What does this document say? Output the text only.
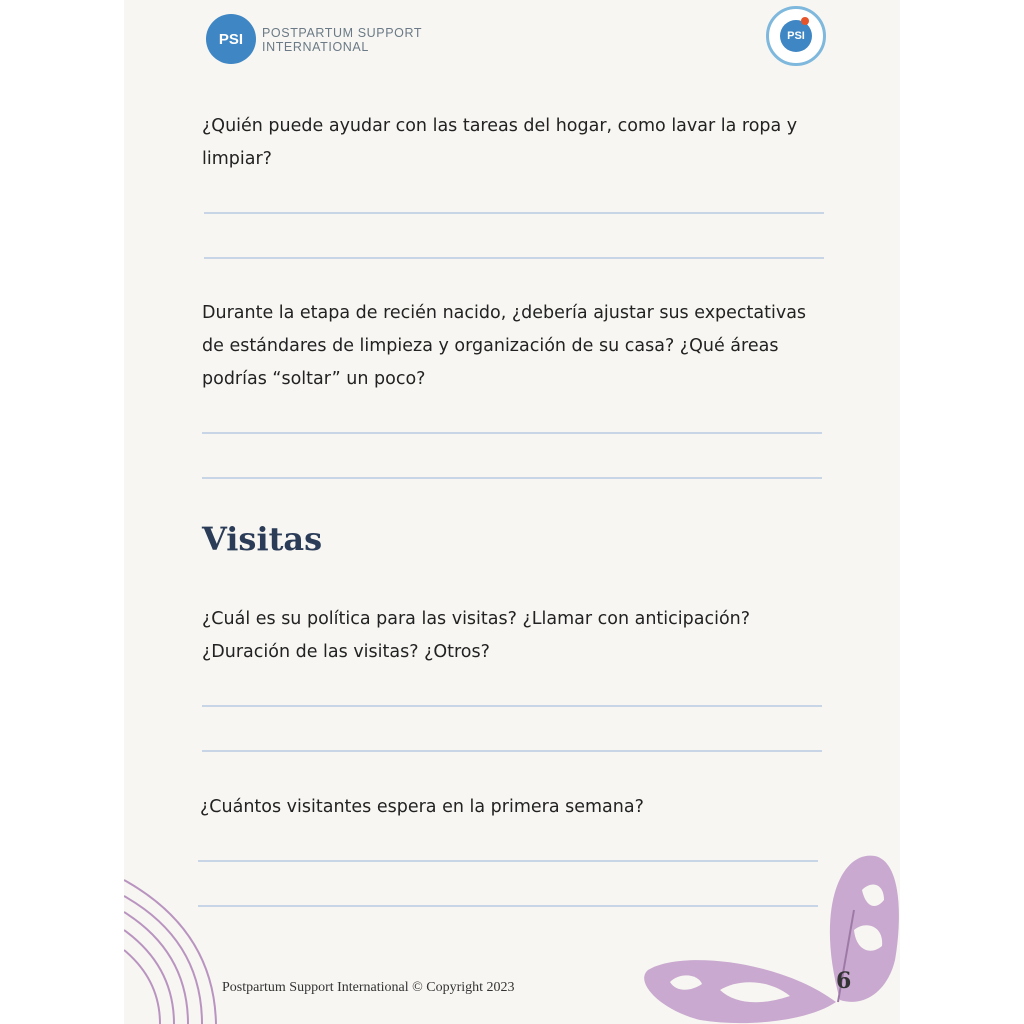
PSI	POSTPARTUM SUPPORT
INTERNATIONAL
PSI
¿Quién puede ayudar con las tareas del hogar, como lavar la ropa y limpiar?
Durante la etapa de recién nacido, ¿debería ajustar sus expectativas de estándares de limpieza y organización de su casa? ¿Qué áreas podrías “soltar” un poco?
Visitas
¿Cuál es su política para las visitas? ¿Llamar con anticipación? ¿Duración de las visitas? ¿Otros?
¿Cuántos visitantes espera en la primera semana?
Postpartum Support International © Copyright 2023	6
